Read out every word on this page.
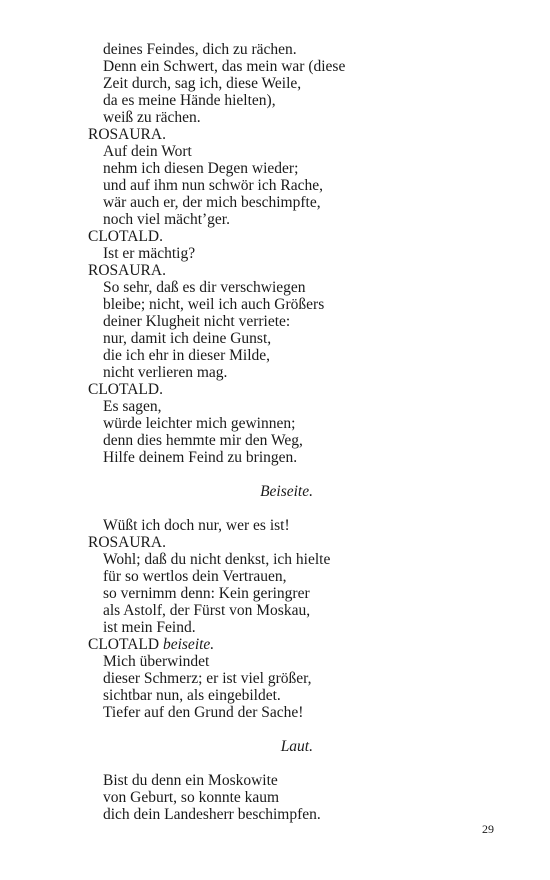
deines Feindes, dich zu rächen.
Denn ein Schwert, das mein war (diese
Zeit durch, sag ich, diese Weile,
da es meine Hände hielten),
weiß zu rächen.
ROSAURA.
Auf dein Wort
nehm ich diesen Degen wieder;
und auf ihm nun schwör ich Rache,
wär auch er, der mich beschimpfte,
noch viel mächt’ger.
CLOTALD.
Ist er mächtig?
ROSAURA.
So sehr, daß es dir verschwiegen
bleibe; nicht, weil ich auch Größers
deiner Klugheit nicht verriete:
nur, damit ich deine Gunst,
die ich ehr in dieser Milde,
nicht verlieren mag.
CLOTALD.
Es sagen,
würde leichter mich gewinnen;
denn dies hemmte mir den Weg,
Hilfe deinem Feind zu bringen.
Beiseite.
Wüßt ich doch nur, wer es ist!
ROSAURA.
Wohl; daß du nicht denkst, ich hielte
für so wertlos dein Vertrauen,
so vernimm denn: Kein geringrer
als Astolf, der Fürst von Moskau,
ist mein Feind.
CLOTALD beiseite.
Mich überwindet
dieser Schmerz; er ist viel größer,
sichtbar nun, als eingebildet.
Tiefer auf den Grund der Sache!
Laut.
Bist du denn ein Moskowite
von Geburt, so konnte kaum
dich dein Landesherr beschimpfen.
29
